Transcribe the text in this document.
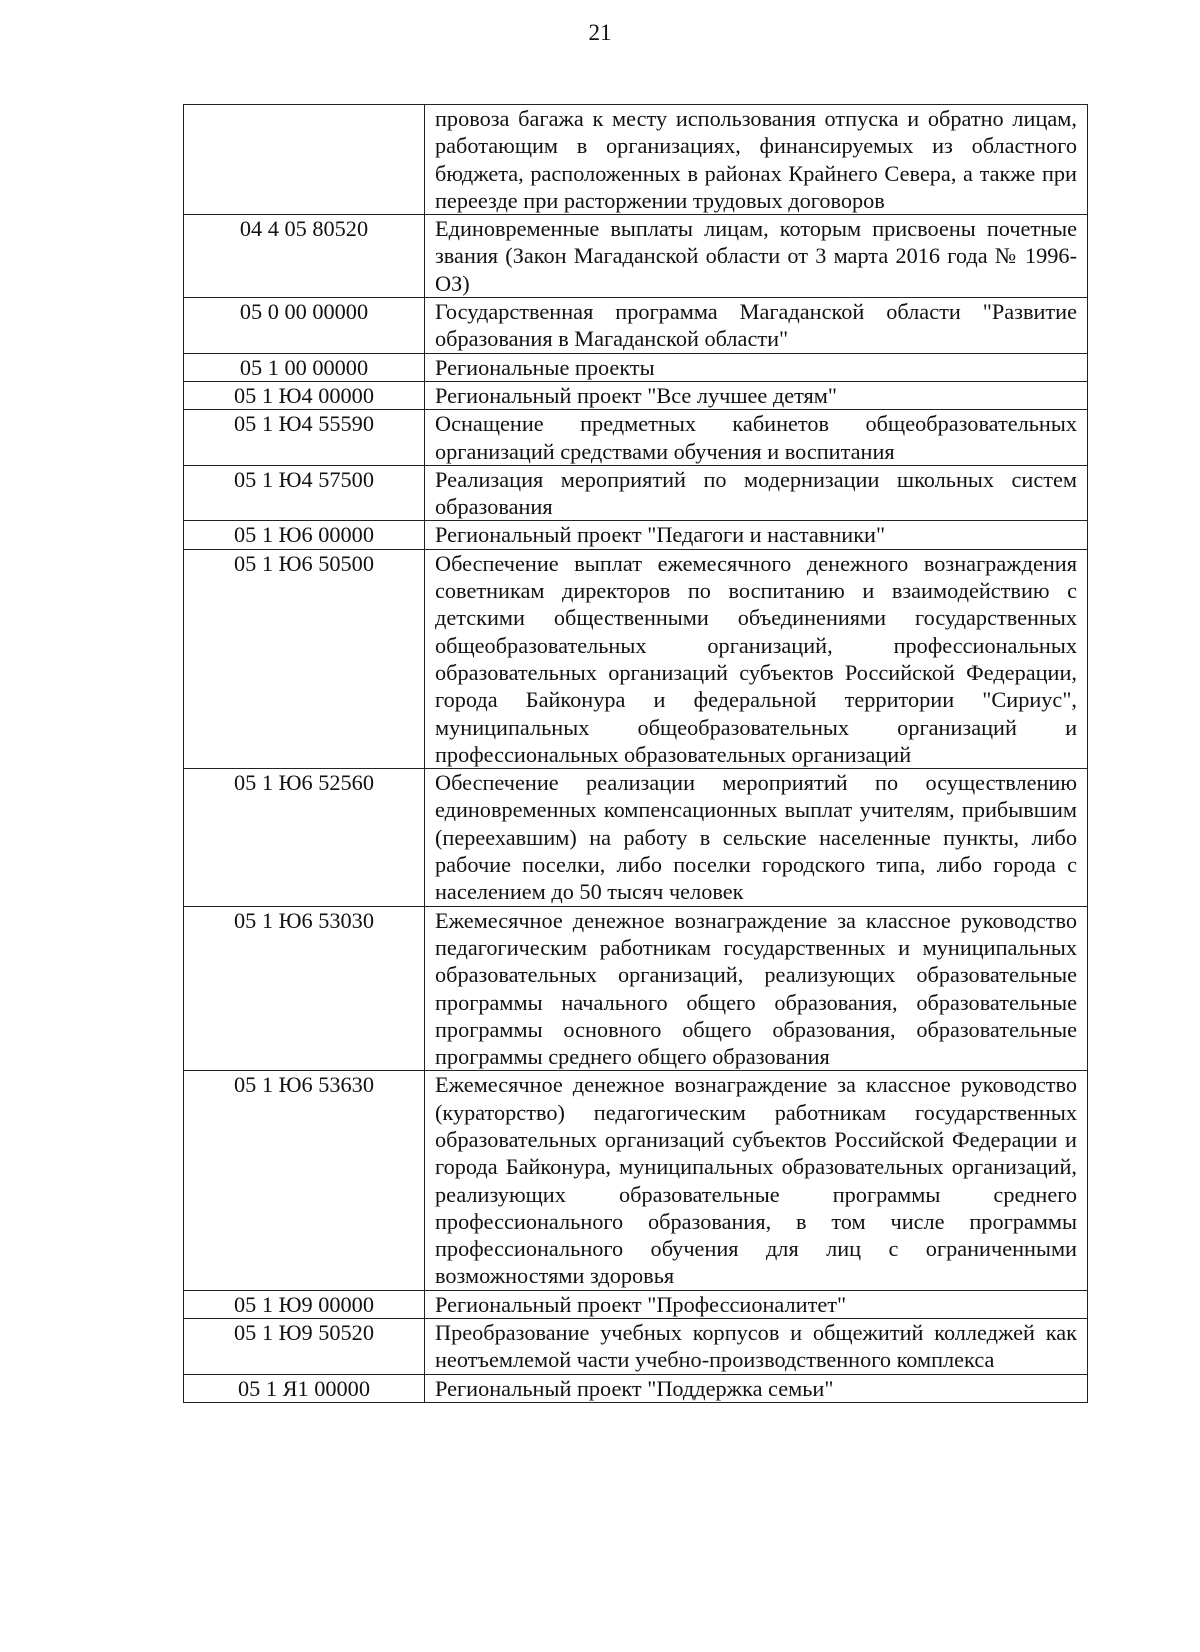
21
	провоза багажа к месту использования отпуска и обратно лицам, работающим в организациях, финансируемых из областного бюджета, расположенных в районах Крайнего Севера, а также при переезде при расторжении трудовых договоров
04 4 05 80520	Единовременные выплаты лицам, которым присвоены почетные звания (Закон Магаданской области от 3 марта 2016 года № 1996-ОЗ)
05 0 00 00000	Государственная программа Магаданской области "Развитие образования в Магаданской области"
05 1 00 00000	Региональные проекты
05 1 Ю4 00000	Региональный проект "Все лучшее детям"
05 1 Ю4 55590	Оснащение предметных кабинетов общеобразовательных организаций средствами обучения и воспитания
05 1 Ю4 57500	Реализация мероприятий по модернизации школьных систем образования
05 1 Ю6 00000	Региональный проект "Педагоги и наставники"
05 1 Ю6 50500	Обеспечение выплат ежемесячного денежного вознаграждения советникам директоров по воспитанию и взаимодействию с детскими общественными объединениями государственных общеобразовательных организаций, профессиональных образовательных организаций субъектов Российской Федерации, города Байконура и федеральной территории "Сириус", муниципальных общеобразовательных организаций и профессиональных образовательных организаций
05 1 Ю6 52560	Обеспечение реализации мероприятий по осуществлению единовременных компенсационных выплат учителям, прибывшим (переехавшим) на работу в сельские населенные пункты, либо рабочие поселки, либо поселки городского типа, либо города с населением до 50 тысяч человек
05 1 Ю6 53030	Ежемесячное денежное вознаграждение за классное руководство педагогическим работникам государственных и муниципальных образовательных организаций, реализующих образовательные программы начального общего образования, образовательные программы основного общего образования, образовательные программы среднего общего образования
05 1 Ю6 53630	Ежемесячное денежное вознаграждение за классное руководство (кураторство) педагогическим работникам государственных образовательных организаций субъектов Российской Федерации и города Байконура, муниципальных образовательных организаций, реализующих образовательные программы среднего профессионального образования, в том числе программы профессионального обучения для лиц с ограниченными возможностями здоровья
05 1 Ю9 00000	Региональный проект "Профессионалитет"
05 1 Ю9 50520	Преобразование учебных корпусов и общежитий колледжей как неотъемлемой части учебно-производственного комплекса
05 1 Я1 00000	Региональный проект "Поддержка семьи"
